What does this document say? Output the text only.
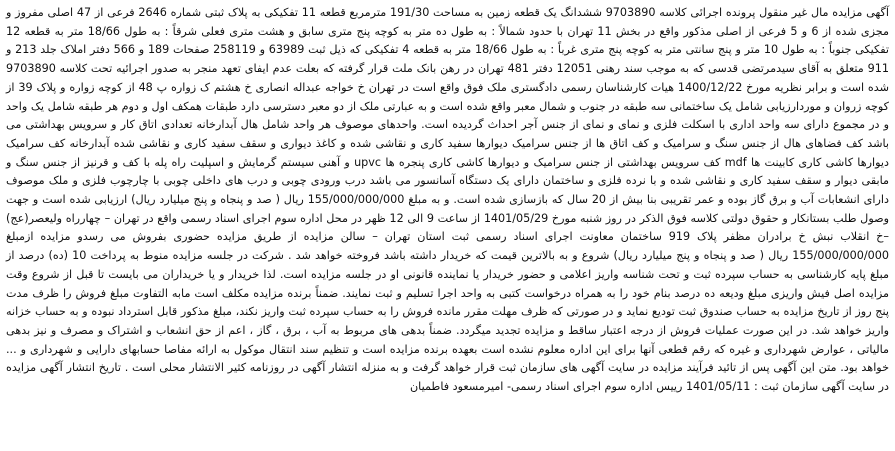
آگهی مزایده مال غیر منقول پرونده اجرائی کلاسه 9703890 ششدانگ یک قطعه زمین به مساحت 191/30 مترمربع قطعه 11 تفکیکی به پلاک ثبتی شماره 2646 فرعی از 47 اصلی مفروز و مجزی شده از 6 و 5 فرعی از اصلی مذکور واقع در بخش 11 تهران با حدود شمالاً : به طول ده متر به کوچه پنج متری سابق و هشت متری فعلی شرقاً : به طول 18/66 متر به قطعه 12 تفکیکی جنوباً : به طول 10 متر و پنج سانتی متر به کوچه پنج متری غرباً : به طول 18/66 متر به قطعه 4 تفکیکی که ذیل ثبت 63989 و 258119 صفحات 189 و 566 دفتر املاک جلد 213 و 911 متعلق به آقای سیدمرتضی قدسی که به موجب سند رهنی 12051 دفتر 481 تهران در رهن بانک ملت قرار گرفته که بعلت عدم ایفای تعهد منجر به صدور اجرائیه تحت کلاسه 9703890 شده است و برابر نظریه مورخ 1400/12/22 هیات کارشناسان رسمی دادگستری ملک فوق واقع است در تهران خ خواجه عبداله انصاری خ هشتم ک زواره پ 48 از کوچه زواره و پلاک 39 از کوچه زروان و موردارزیابی شامل یک ساختمانی سه طبقه در جنوب و شمال معبر واقع شده است و به عبارتی ملک از دو معبر دسترسی دارد طبقات همکف اول و دوم هر طبقه شامل یک واحد و در مجموع دارای سه واحد اداری با اسکلت فلزی و نمای و نمای از جنس آجر احداث گردیده است. واحدهای موصوف هر واحد شامل هال آبدارخانه تعدادی اتاق کار و سرویس بهداشتی می باشد کف فضاهای هال از جنس سنگ و سرامیک و کف اتاق ها از جنس سرامیک دیوارها سفید کاری و نقاشی شده و کاغذ دیواری و سقف سفید کاری و نقاشی شده آبدارخانه کف سرامیک دیوارها کاشی کاری کابینت ها mdf کف سرویس بهداشتی از جنس سرامیک و دیوارها کاشی کاری پنجره ها upvc و آهنی سیستم گرمایش و اسپلیت راه پله با کف و قرنیز از جنس سنگ و مابقی دیوار و سقف سفید کاری و نقاشی شده و با نرده فلزی و ساختمان دارای یک دستگاه آسانسور می باشد درب ورودی چوبی و درب های داخلی چوبی با چارچوب فلزی و ملک موصوف دارای انشعابات آب و برق گاز بوده و عمر تقریبی بنا بیش از 20 سال که بازسازی شده است. و به مبلغ 155/000/000/000 ریال ( صد و پنجاه و پنج میلیارد ریال) ارزیابی شده است و جهت وصول طلب بستانکار و حقوق دولتی کلاسه فوق الذکر در روز شنبه مورخ 1401/05/29 از ساعت 9 الی 12 ظهر در محل اداره سوم اجرای اسناد رسمی واقع در تهران – چهارراه ولیعصر(عج) –خ انقلاب نبش خ برادران مظفر پلاک 919 ساختمان معاونت اجرای اسناد رسمی ثبت استان تهران – سالن مزایده از طریق مزایده حضوری بفروش می رسدو مزایده ازمبلغ 155/000/000/000 ریال ( صد و پنجاه و پنج میلیارد ریال) شروع و به بالاترین قیمت که خریدار داشته باشد فروخته خواهد شد . شرکت در جلسه مزایده منوط به پرداخت 10 (ده) درصد از مبلغ پایه کارشناسی به حساب سپرده ثبت و تحت شناسه واریز اعلامی و حضور خریدار یا نماینده قانونی او در جلسه مزایده است. لذا خریدار و یا خریداران می بایست تا قبل از شروع وقت مزایده اصل فیش واریزی مبلغ ودیعه ده درصد بنام خود را به همراه درخواست کتبی به واحد اجرا تسلیم و ثبت نمایند. ضمناً برنده مزایده مکلف است مابه التفاوت مبلغ فروش را ظرف مدت پنج روز از تاریخ مزایده به حساب صندوق ثبت تودیع نماید و در صورتی که ظرف مهلت مقرر مانده فروش را به حساب سپرده ثبت واریز نکند، مبلغ مذکور قابل استرداد نبوده و به حساب خزانه واریز خواهد شد. در این صورت عملیات فروش از درجه اعتبار ساقط و مزایده تجدید میگردد. ضمناً بدهی های مربوط به آب ، برق ، گاز ، اعم از حق انشعاب و اشتراک و مصرف و نیز بدهی مالیاتی ، عوارض شهرداری و غیره که رقم قطعی آنها برای این اداره معلوم نشده است بعهده برنده مزایده است و تنظیم سند انتقال موکول به ارائه مفاصا حسابهای دارایی و شهرداری و ... خواهد بود. متن این آگهی پس از تائید فرآیند مزایده در سایت آگهی های سازمان ثبت قرار خواهد گرفت و به منزله انتشار آگهی در روزنامه کثیر الانتشار محلی است . تاریخ انتشار آگهی مزایده در سایت آگهی سازمان ثبت : 1401/05/11 رییس اداره سوم اجرای اسناد رسمی- امیرمسعود فاطمیان
